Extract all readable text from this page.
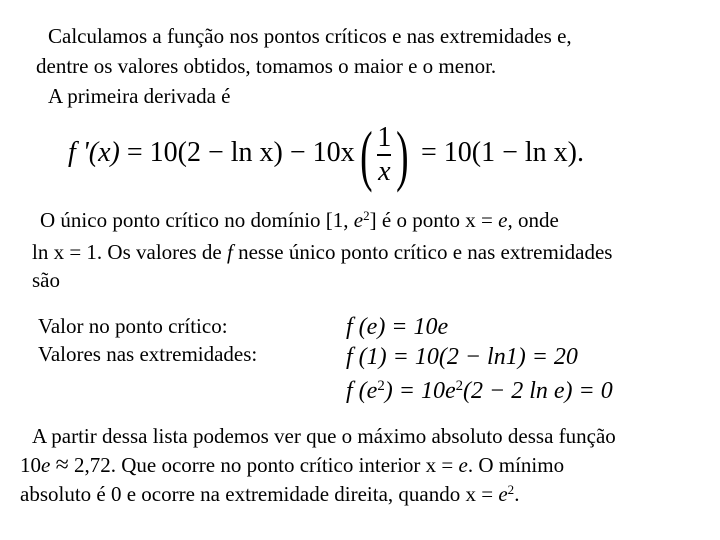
Calculamos a função nos pontos críticos e nas extremidades e,
dentre os valores obtidos, tomamos o maior e o menor.
A primeira derivada é
f '$(x) = 10(2 - \ln x) - 10x( \frac{1}{x}$ ) = 10(1 − ln x).
O único ponto crítico no domínio [1, $e^2$] é o ponto x = e, onde
ln x = 1. Os valores de f nesse único ponto crítico e nas extremidades
são
Valor no ponto crítico:
Valores nas extremidades:
f (e) = 10e
f (1) = 10(2 − ln1) = 20
f $(e^2) = 10e^2(2 - 2$ ln e) = 0
A partir dessa lista podemos ver que o máximo absoluto dessa função
10e ≈ 2,72. Que ocorre no ponto crítico interior x = e. O mínimo
absoluto é 0 e ocorre na extremidade direita, quando $x = e^2$.
